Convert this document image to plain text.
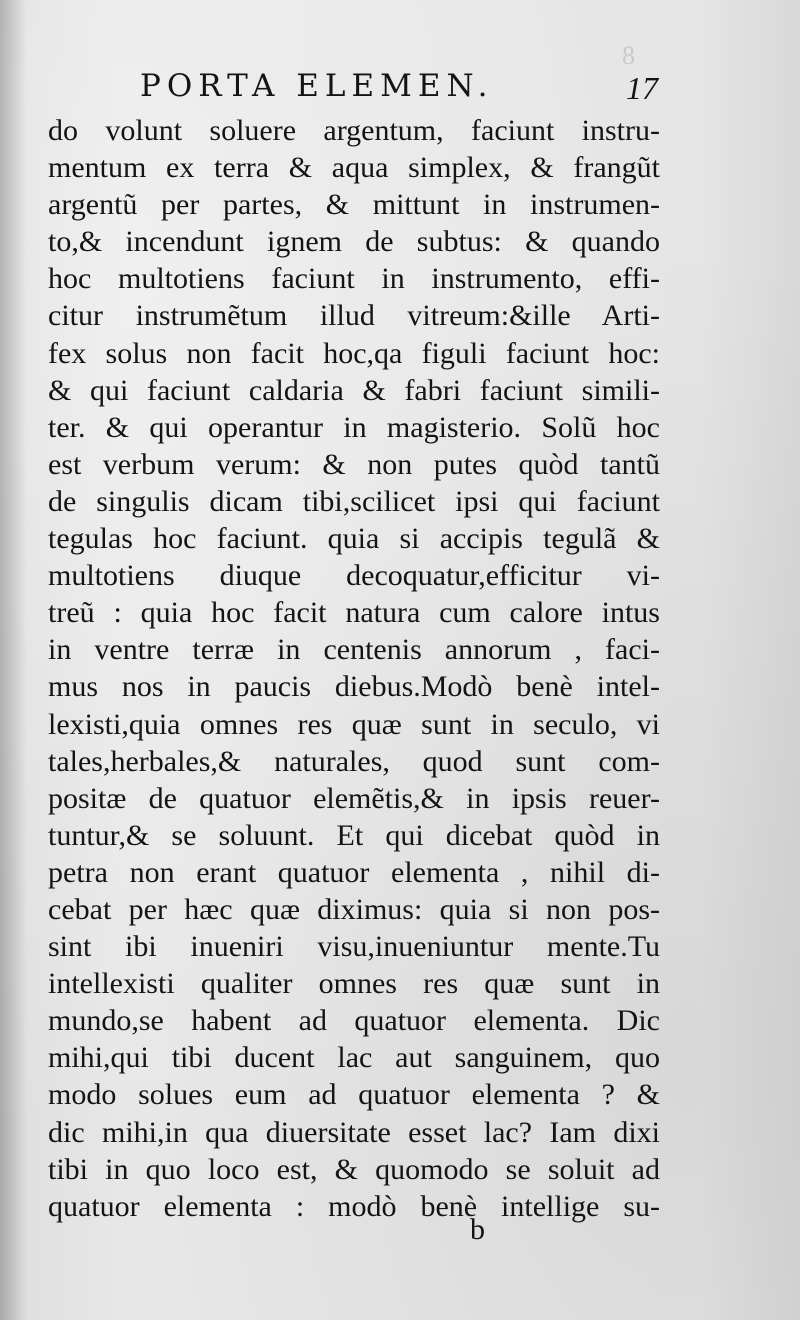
8
PORTA ELEMEN.	17
do volunt soluere argentum, faciunt instru-
mentum ex terra & aqua simplex, & frangũt
argentũ per partes, & mittunt in instrumen-
to,& incendunt ignem de subtus: & quando
hoc multotiens faciunt in instrumento, effi-
citur instrumẽtum illud vitreum:&ille Arti-
fex solus non facit hoc,qa figuli faciunt hoc:
& qui faciunt caldaria & fabri faciunt simili-
ter. & qui operantur in magisterio. Solũ hoc
est verbum verum: & non putes quòd tantũ
de singulis dicam tibi,scilicet ipsi qui faciunt
tegulas hoc faciunt. quia si accipis tegulã &
multotiens diuque decoquatur,efficitur vi-
treũ : quia hoc facit natura cum calore intus
in ventre terræ in centenis annorum , faci-
mus nos in paucis diebus.Modò benè intel-
lexisti,quia omnes res quæ sunt in seculo, vi
tales,herbales,& naturales, quod sunt com-
positæ de quatuor elemẽtis,& in ipsis reuer-
tuntur,& se soluunt. Et qui dicebat quòd in
petra non erant quatuor elementa , nihil di-
cebat per hæc quæ diximus: quia si non pos-
sint ibi inueniri visu,inueniuntur mente.Tu
intellexisti qualiter omnes res quæ sunt in
mundo,se habent ad quatuor elementa. Dic
mihi,qui tibi ducent lac aut sanguinem, quo
modo solues eum ad quatuor elementa ? &
dic mihi,in qua diuersitate esset lac? Iam dixi
tibi in quo loco est, & quomodo se soluit ad
quatuor elementa : modò benè intellige su-
b
